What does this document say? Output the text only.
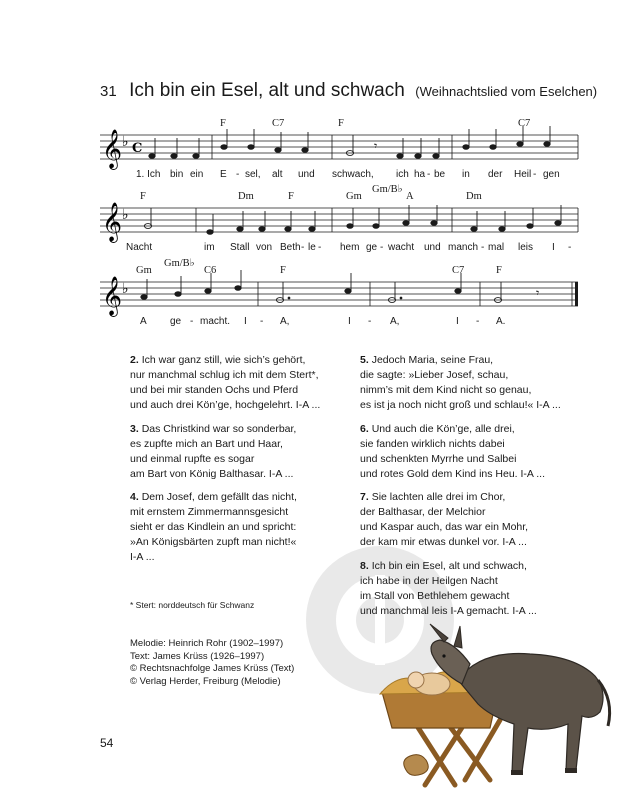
31 Ich bin ein Esel, alt und schwach (Weihnachtslied vom Eselchen)
𝄞 ♭ C	𝄾
F	C7	F	C7
1. Ich bin ein E - sel, alt und schwach, ich ha - be in der Heil - gen
𝄞 ♭
F	Dm	F	Gm
Gm/B♭
A	Dm
Nacht	im Stall von Beth - le - hem ge - wacht und manch - mal leis I -
𝄞 ♭	𝄾
Gm
Gm/B♭
C6	F	C7	F
A ge - macht. I - A,	I - A,	I - A.
2. Ich war ganz still, wie sich’s gehört,
nur manchmal schlug ich mit dem Stert*,
und bei mir standen Ochs und Pferd
und auch drei Kön’ge, hochgelehrt. I-A ...
3. Das Christkind war so sonderbar,
es zupfte mich an Bart und Haar,
und einmal rupfte es sogar
am Bart von König Balthasar. I-A ...
4. Dem Josef, dem gefällt das nicht,
mit ernstem Zimmermannsgesicht
sieht er das Kindlein an und spricht:
»An Königsbärten zupft man nicht!«
I-A ...
5. Jedoch Maria, seine Frau,
die sagte: »Lieber Josef, schau,
nimm’s mit dem Kind nicht so genau,
es ist ja noch nicht groß und schlau!« I-A ...
6. Und auch die Kön’ge, alle drei,
sie fanden wirklich nichts dabei
und schenkten Myrrhe und Salbei
und rotes Gold dem Kind ins Heu. I-A ...
7. Sie lachten alle drei im Chor,
der Balthasar, der Melchior
und Kaspar auch, das war ein Mohr,
der kam mir etwas dunkel vor. I-A ...
8. Ich bin ein Esel, alt und schwach,
ich habe in der Heilgen Nacht
im Stall von Bethlehem gewacht
und manchmal leis I-A gemacht. I-A ...
* Stert: norddeutsch für Schwanz
Melodie: Heinrich Rohr (1902–1997)
Text: James Krüss (1926–1997)
© Rechtsnachfolge James Krüss (Text)
© Verlag Herder, Freiburg (Melodie)
54
